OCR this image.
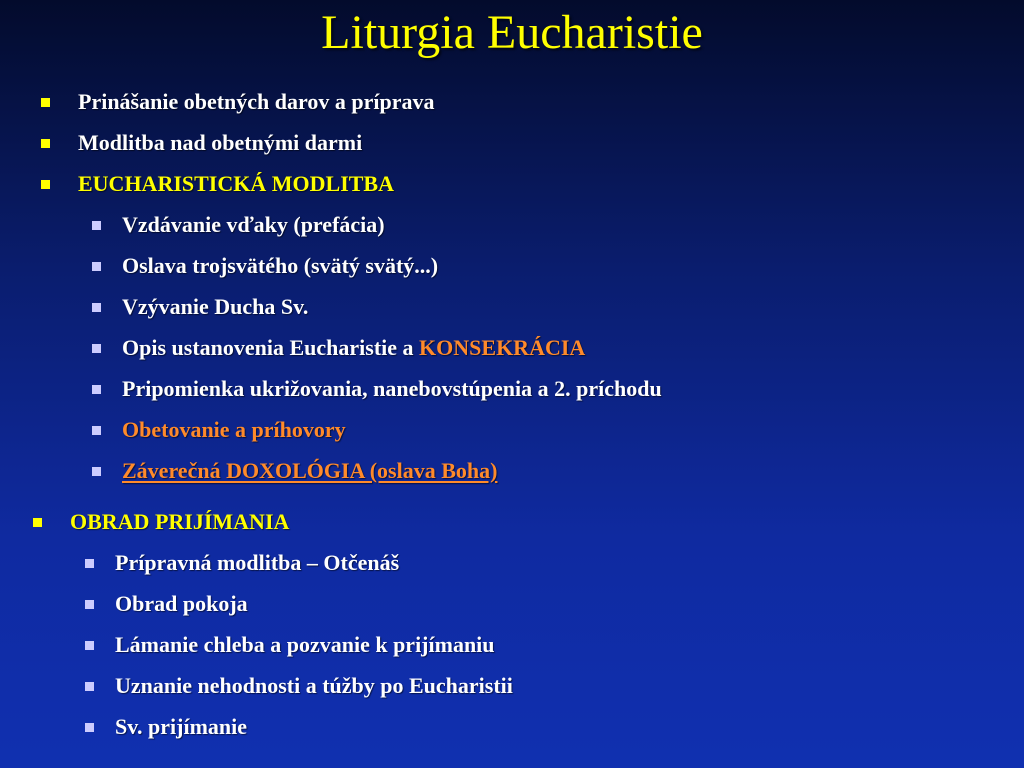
Liturgia Eucharistie
Prinášanie obetných darov a príprava
Modlitba nad obetnými darmi
EUCHARISTICKÁ MODLITBA
Vzdávanie vďaky (prefácia)
Oslava trojsvätého (svätý svätý...)
Vzývanie Ducha Sv.
Opis ustanovenia Eucharistie a KONSEKRÁCIA
Pripomienka ukrižovania, nanebovstúpenia a 2. príchodu
Obetovanie a príhovory
Záverečná DOXOLÓGIA (oslava Boha)
OBRAD PRIJÍMANIA
Prípravná modlitba – Otčenáš
Obrad pokoja
Lámanie chleba a pozvanie k prijímaniu
Uznanie nehodnosti a túžby po Eucharistii
Sv. prijímanie
